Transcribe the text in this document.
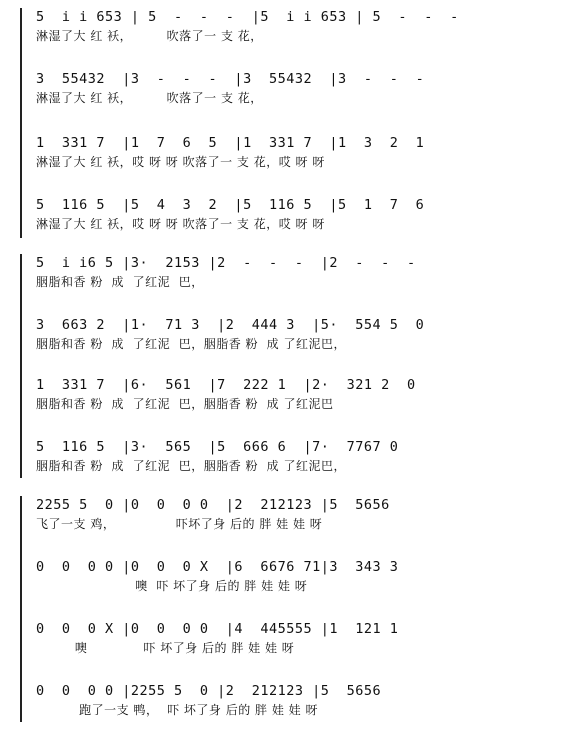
5  i i 653 | 5  -  -  -  |5  i i 653 | 5  -  -  -
淋湿了大 红 袄，        吹落了一 支 花，
3  55432  |3  -  -  -  |3  55432  |3  -  -  -
淋湿了大 红 袄，        吹落了一 支 花，
1  331 7  |1  7  6  5  |1  331 7  |1  3  2  1
淋湿了大 红 袄，哎 呀 呀 吹落了一 支 花，哎 呀 呀
5  116 5  |5  4  3  2  |5  116 5  |5  1  7  6
淋湿了大 红 袄，哎 呀 呀 吹落了一 支 花，哎 呀 呀
5  i i6 5 |3·  2153 |2  -  -  -  |2  -  -  -
胭脂和香 粉  成  了红泥  巴，
3  663 2  |1·  71 3  |2  444 3  |5·  554 5  0
胭脂和香 粉  成  了红泥  巴，胭脂香 粉  成 了红泥巴，
1  331 7  |6·  561  |7  222 1  |2·  321 2  0
胭脂和香 粉  成  了红泥  巴，胭脂香 粉  成 了红泥巴
5  116 5  |3·  565  |5  666 6  |7·  7767 0
胭脂和香 粉  成  了红泥  巴，胭脂香 粉  成 了红泥巴，
2255 5  0 |0  0  0 0  |2  212123 |5  5656
飞了一支 鸡，              吓坏了身 后的 胖 娃 娃 呀
0  0  0 0 |0  0  0 X  |6  6676 71|3  343 3
噢  吓 坏了身 后的 胖 娃 娃 呀
0  0  0 X |0  0  0 0  |4  445555 |1  121 1
噢             吓 坏了身 后的 胖 娃 娃 呀
0  0  0 0 |2255 5  0 |2  212123 |5  5656
跑了一支 鸭，  吓 坏了身 后的 胖 娃 娃 呀
